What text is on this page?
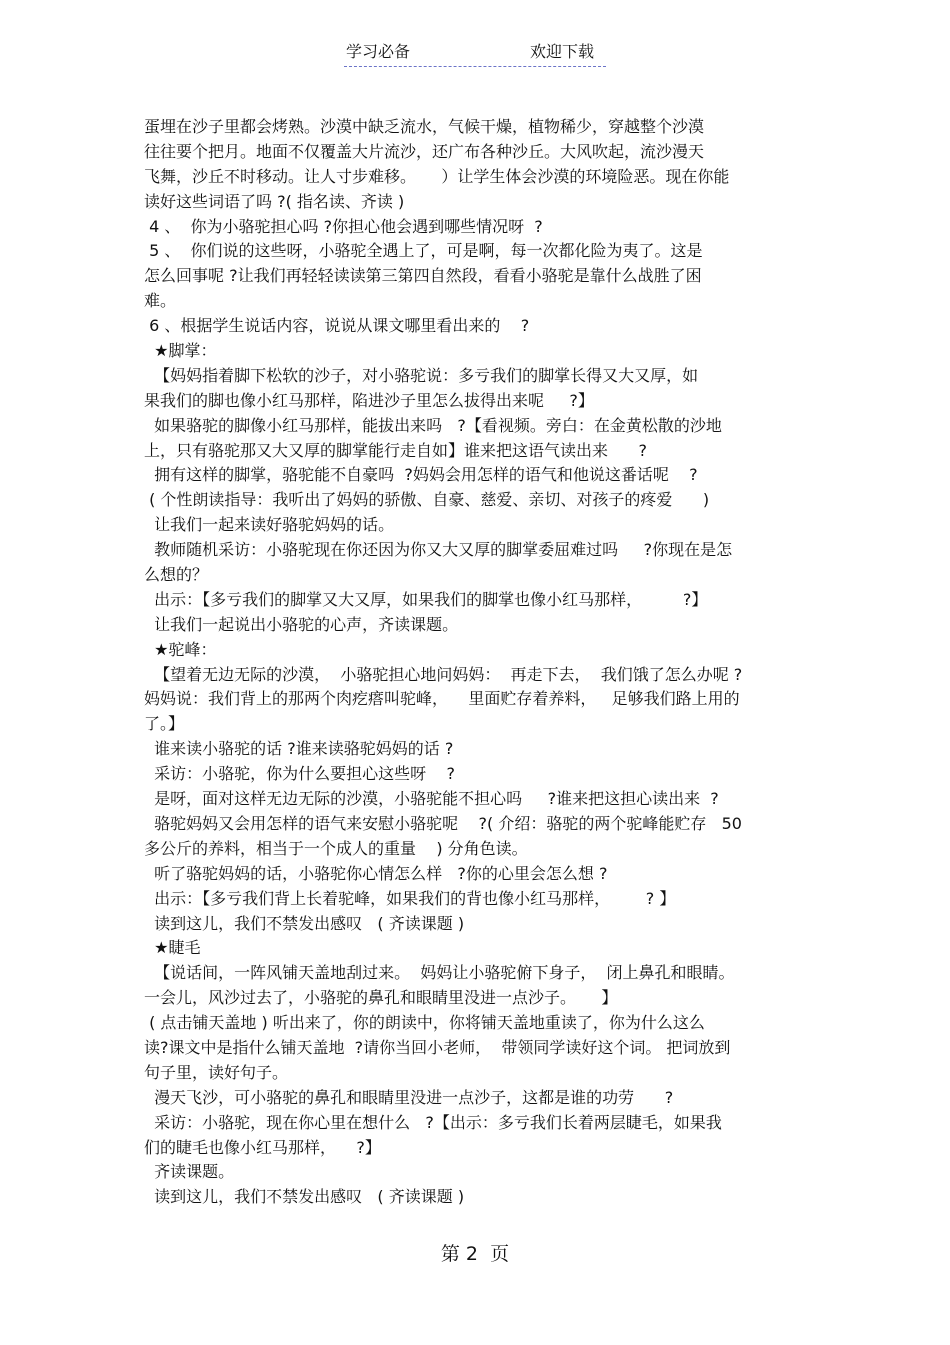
学习必备	欢迎下载
蛋埋在沙子里都会烤熟。沙漠中缺乏流水，气候干燥，植物稀少，穿越整个沙漠
往往要个把月。地面不仅覆盖大片流沙，还广布各种沙丘。大风吹起，流沙漫天
飞舞，沙丘不时移动。让人寸步难移。     ）让学生体会沙漠的环境险恶。现在你能
读好这些词语了吗 ?( 指名读、齐读 )
4 、  你为小骆驼担心吗 ?你担心他会遇到哪些情况呀  ?
5 、  你们说的这些呀，小骆驼全遇上了，可是啊，每一次都化险为夷了。这是
怎么回事呢 ?让我们再轻轻读读第三第四自然段，看看小骆驼是靠什么战胜了困
难。
6 、根据学生说话内容，说说从课文哪里看出来的    ?
★脚掌：
【妈妈指着脚下松软的沙子，对小骆驼说：多亏我们的脚掌长得又大又厚，如
果我们的脚也像小红马那样，陷进沙子里怎么拔得出来呢     ?】
如果骆驼的脚像小红马那样，能拔出来吗   ?【看视频。旁白：在金黄松散的沙地
上，只有骆驼那又大又厚的脚掌能行走自如】谁来把这语气读出来      ?
拥有这样的脚掌，骆驼能不自豪吗  ?妈妈会用怎样的语气和他说这番话呢    ?
( 个性朗读指导：我听出了妈妈的骄傲、自豪、慈爱、亲切、对孩子的疼爱      )
让我们一起来读好骆驼妈妈的话。
教师随机采访：小骆驼现在你还因为你又大又厚的脚掌委屈难过吗     ?你现在是怎
么想的？
出示：【多亏我们的脚掌又大又厚，如果我们的脚掌也像小红马那样，        ?】
让我们一起说出小骆驼的心声，齐读课题。
★驼峰：
【望着无边无际的沙漠，  小骆驼担心地问妈妈：  再走下去，  我们饿了怎么办呢 ?
妈妈说：我们背上的那两个肉疙瘩叫驼峰，    里面贮存着养料，   足够我们路上用的
了。】
谁来读小骆驼的话 ?谁来读骆驼妈妈的话 ?
采访：小骆驼，你为什么要担心这些呀    ?
是呀，面对这样无边无际的沙漠，小骆驼能不担心吗     ?谁来把这担心读出来  ?
骆驼妈妈又会用怎样的语气来安慰小骆驼呢    ?( 介绍：骆驼的两个驼峰能贮存   50
多公斤的养料，相当于一个成人的重量    ) 分角色读。
听了骆驼妈妈的话，小骆驼你心情怎么样   ?你的心里会怎么想 ?
出示：【多亏我们背上长着驼峰，如果我们的背也像小红马那样，       ? 】
读到这儿，我们不禁发出感叹   ( 齐读课题 )
★睫毛
【说话间，一阵风铺天盖地刮过来。  妈妈让小骆驼俯下身子，  闭上鼻孔和眼睛。
一会儿，风沙过去了，小骆驼的鼻孔和眼睛里没进一点沙子。     】
( 点击铺天盖地 ) 听出来了，你的朗读中，你将铺天盖地重读了，你为什么这么
读?课文中是指什么铺天盖地  ?请你当回小老师，  带领同学读好这个词。 把词放到
句子里，读好句子。
漫天飞沙，可小骆驼的鼻孔和眼睛里没进一点沙子，这都是谁的功劳      ?
采访：小骆驼，现在你心里在想什么   ?【出示：多亏我们长着两层睫毛，如果我
们的睫毛也像小红马那样，    ?】
齐读课题。
读到这儿，我们不禁发出感叹   ( 齐读课题 )
第 2  页
